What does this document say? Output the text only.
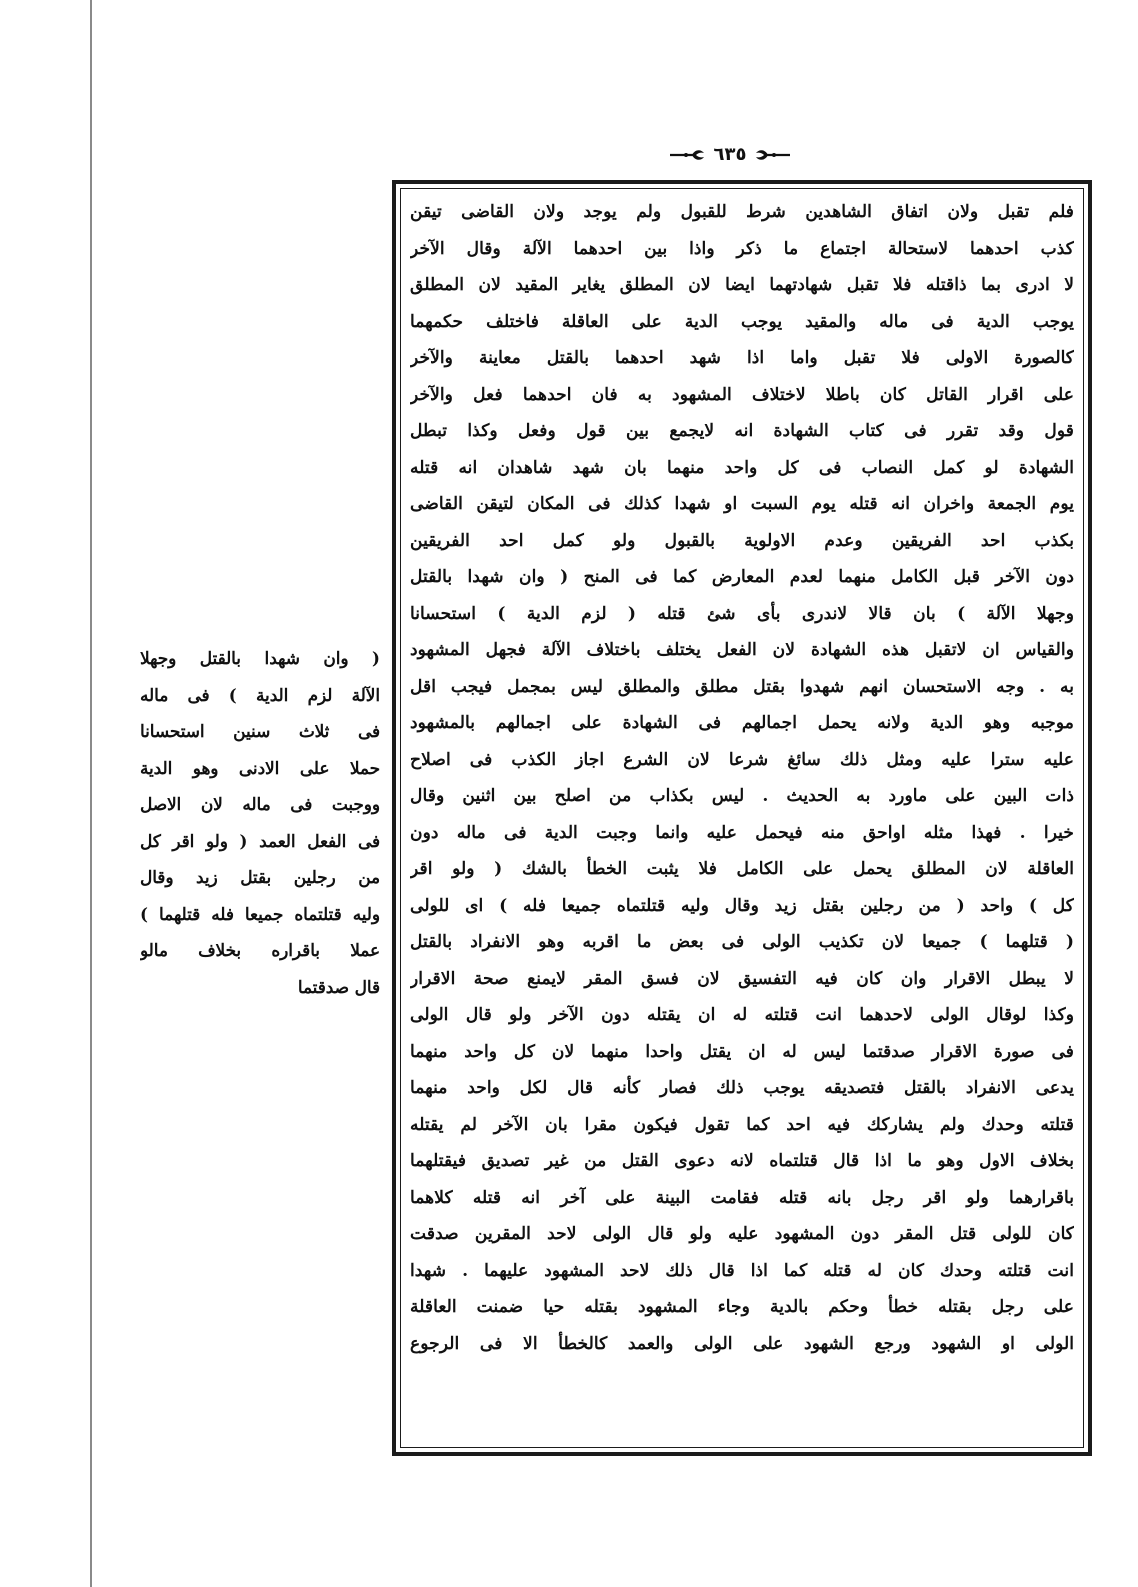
٦٣٥
فلم تقبل ولان اتفاق الشاهدين شرط للقبول ولم يوجد ولان القاضى تيقن
كذب احدهما لاستحالة اجتماع ما ذكر واذا بين احدهما الآلة وقال الآخر
لا ادرى بما ذاقتله فلا تقبل شهادتهما ايضا لان المطلق يغاير المقيد لان المطلق
يوجب الدية فى ماله والمقيد يوجب الدية على العاقلة فاختلف حكمهما
كالصورة الاولى فلا تقبل واما اذا شهد احدهما بالقتل معاينة والآخر
على اقرار القاتل كان باطلا لاختلاف المشهود به فان احدهما فعل والآخر
قول وقد تقرر فى كتاب الشهادة انه لايجمع بين قول وفعل وكذا تبطل
الشهادة لو كمل النصاب فى كل واحد منهما بان شهد شاهدان انه قتله
يوم الجمعة واخران انه قتله يوم السبت او شهدا كذلك فى المكان لتيقن القاضى
بكذب احد الفريقين وعدم الاولوية بالقبول ولو كمل احد الفريقين
دون الآخر قبل الكامل منهما لعدم المعارض كما فى المنح ( وان شهدا بالقتل
وجهلا الآلة ) بان قالا لاندرى بأى شئ قتله ( لزم الدية ) استحسانا
والقياس ان لاتقبل هذه الشهادة لان الفعل يختلف باختلاف الآلة فجهل المشهود
به . وجه الاستحسان انهم شهدوا بقتل مطلق والمطلق ليس بمجمل فيجب اقل
موجبه وهو الدية ولانه يحمل اجمالهم فى الشهادة على اجمالهم بالمشهود
عليه سترا عليه ومثل ذلك سائغ شرعا لان الشرع اجاز الكذب فى اصلاح
ذات البين على ماورد به الحديث . ليس بكذاب من اصلح بين اثنين وقال
خيرا . فهذا مثله اواحق منه فيحمل عليه وانما وجبت الدية فى ماله دون
العاقلة لان المطلق يحمل على الكامل فلا يثبت الخطأ بالشك ( ولو اقر
كل ) واحد ( من رجلين بقتل زيد وقال وليه قتلتماه جميعا فله ) اى للولى
( قتلهما ) جميعا لان تكذيب الولى فى بعض ما اقربه وهو الانفراد بالقتل
لا يبطل الاقرار وان كان فيه التفسيق لان فسق المقر لايمنع صحة الاقرار
وكذا لوقال الولى لاحدهما انت قتلته له ان يقتله دون الآخر ولو قال الولى
فى صورة الاقرار صدقتما ليس له ان يقتل واحدا منهما لان كل واحد منهما
يدعى الانفراد بالقتل فتصديقه يوجب ذلك فصار كأنه قال لكل واحد منهما
قتلته وحدك ولم يشاركك فيه احد كما تقول فيكون مقرا بان الآخر لم يقتله
بخلاف الاول وهو ما اذا قال قتلتماه لانه دعوى القتل من غير تصديق فيقتلهما
باقرارهما ولو اقر رجل بانه قتله فقامت البينة على آخر انه قتله كلاهما
كان للولى قتل المقر دون المشهود عليه ولو قال الولى لاحد المقرين صدقت
انت قتلته وحدك كان له قتله كما اذا قال ذلك لاحد المشهود عليهما . شهدا
على رجل بقتله خطأ وحكم بالدية وجاء المشهود بقتله حيا ضمنت العاقلة
الولى او الشهود ورجع الشهود على الولى والعمد كالخطأ الا فى الرجوع
( وان شهدا بالقتل وجهلا
الآلة لزم الدية ) فى ماله
فى ثلاث سنين استحسانا
حملا على الادنى وهو الدية
ووجبت فى ماله لان الاصل
فى الفعل العمد ( ولو اقر كل
من رجلين بقتل زيد وقال
وليه قتلتماه جميعا فله قتلهما )
عملا باقراره بخلاف مالو
قال صدقتما
